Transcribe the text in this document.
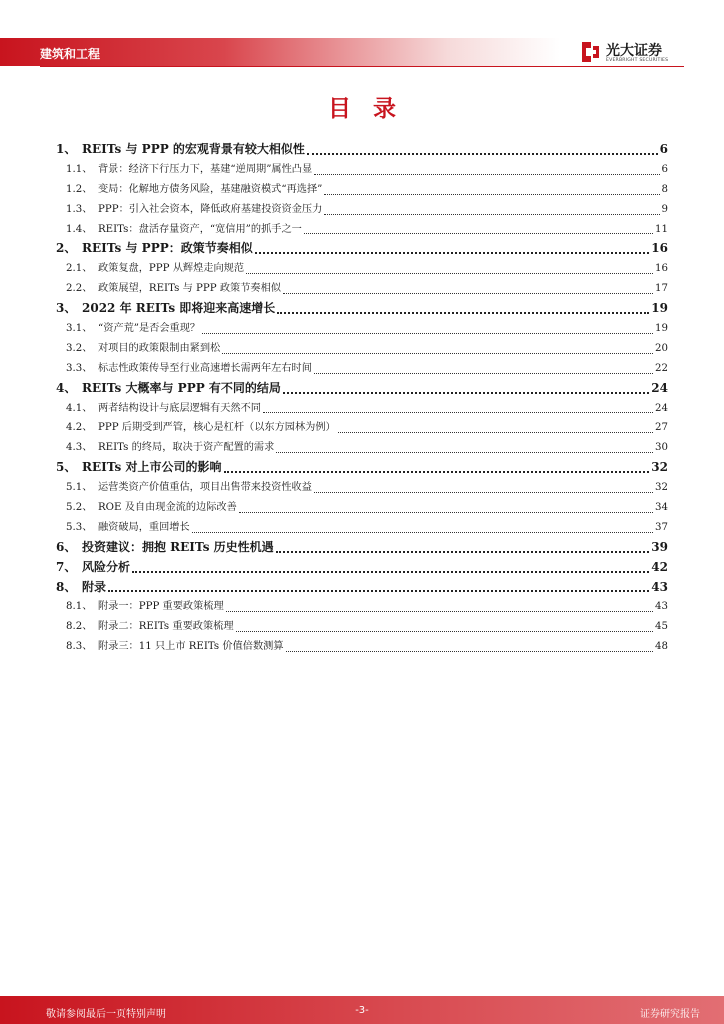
建筑和工程	光大证券
EVERBRIGHT SECURITIES
目录
1、 REITs 与 PPP 的宏观背景有较大相似性	6
1.1、 背景：经济下行压力下，基建“逆周期”属性凸显	6
1.2、 变局：化解地方债务风险，基建融资模式“再选择”	8
1.3、 PPP：引入社会资本，降低政府基建投资资金压力	9
1.4、 REITs：盘活存量资产，“宽信用”的抓手之一	11
2、 REITs 与 PPP：政策节奏相似	16
2.1、 政策复盘，PPP 从辉煌走向规范	16
2.2、 政策展望，REITs 与 PPP 政策节奏相似	17
3、 2022 年 REITs 即将迎来高速增长	19
3.1、 “资产荒”是否会重现？	19
3.2、 对项目的政策限制由紧到松	20
3.3、 标志性政策传导至行业高速增长需两年左右时间	22
4、 REITs 大概率与 PPP 有不同的结局	24
4.1、 两者结构设计与底层逻辑有天然不同	24
4.2、 PPP 后期受到严管，核心是杠杆（以东方园林为例）	27
4.3、 REITs 的终局，取决于资产配置的需求	30
5、 REITs 对上市公司的影响	32
5.1、 运营类资产价值重估，项目出售带来投资性收益	32
5.2、 ROE 及自由现金流的边际改善	34
5.3、 融资破局，重回增长	37
6、 投资建议：拥抱 REITs 历史性机遇	39
7、 风险分析	42
8、 附录	43
8.1、 附录一：PPP 重要政策梳理	43
8.2、 附录二：REITs 重要政策梳理	45
8.3、 附录三：11 只上市 REITs 价值倍数测算	48
敬请参阅最后一页特别声明	-3-	证券研究报告
